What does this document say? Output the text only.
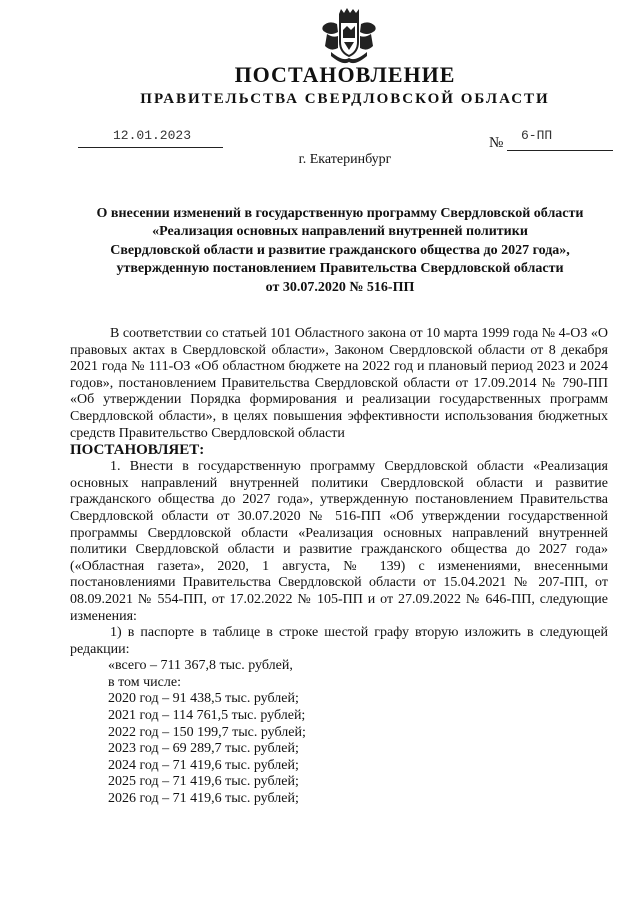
ПОСТАНОВЛЕНИЕ
ПРАВИТЕЛЬСТВА СВЕРДЛОВСКОЙ ОБЛАСТИ
12.01.2023	№ 6-ПП
г. Екатеринбург
О внесении изменений в государственную программу Свердловской области
«Реализация основных направлений внутренней политики
Свердловской области и развитие гражданского общества до 2027 года»,
утвержденную постановлением Правительства Свердловской области
от 30.07.2020 № 516-ПП

В соответствии со статьей 101 Областного закона от 10 марта 1999 года № 4-ОЗ «О правовых актах в Свердловской области», Законом Свердловской области от 8 декабря 2021 года № 111-ОЗ «Об областном бюджете на 2022 год и плановый период 2023 и 2024 годов», постановлением Правительства Свердловской области от 17.09.2014 № 790-ПП «Об утверждении Порядка формирования и реализации государственных программ Свердловской области», в целях повышения эффективности использования бюджетных средств Правительство Свердловской области

ПОСТАНОВЛЯЕТ:

1. Внести в государственную программу Свердловской области «Реализация основных направлений внутренней политики Свердловской области и развитие гражданского общества до 2027 года», утвержденную постановлением Правительства Свердловской области от 30.07.2020 № 516-ПП «Об утверждении государственной программы Свердловской области «Реализация основных направлений внутренней политики Свердловской области и развитие гражданского общества до 2027 года» («Областная газета», 2020, 1 августа, № 139) с изменениями, внесенными постановлениями Правительства Свердловской области от 15.04.2021 № 207-ПП, от 08.09.2021 № 554-ПП, от 17.02.2022 № 105-ПП и от 27.09.2022 № 646-ПП, следующие изменения:

1) в паспорте в таблице в строке шестой графу вторую изложить в следующей редакции:

«всего – 711 367,8 тыс. рублей,
в том числе:
2020 год – 91 438,5 тыс. рублей;
2021 год – 114 761,5 тыс. рублей;
2022 год – 150 199,7 тыс. рублей;
2023 год – 69 289,7 тыс. рублей;
2024 год – 71 419,6 тыс. рублей;
2025 год – 71 419,6 тыс. рублей;
2026 год – 71 419,6 тыс. рублей;
